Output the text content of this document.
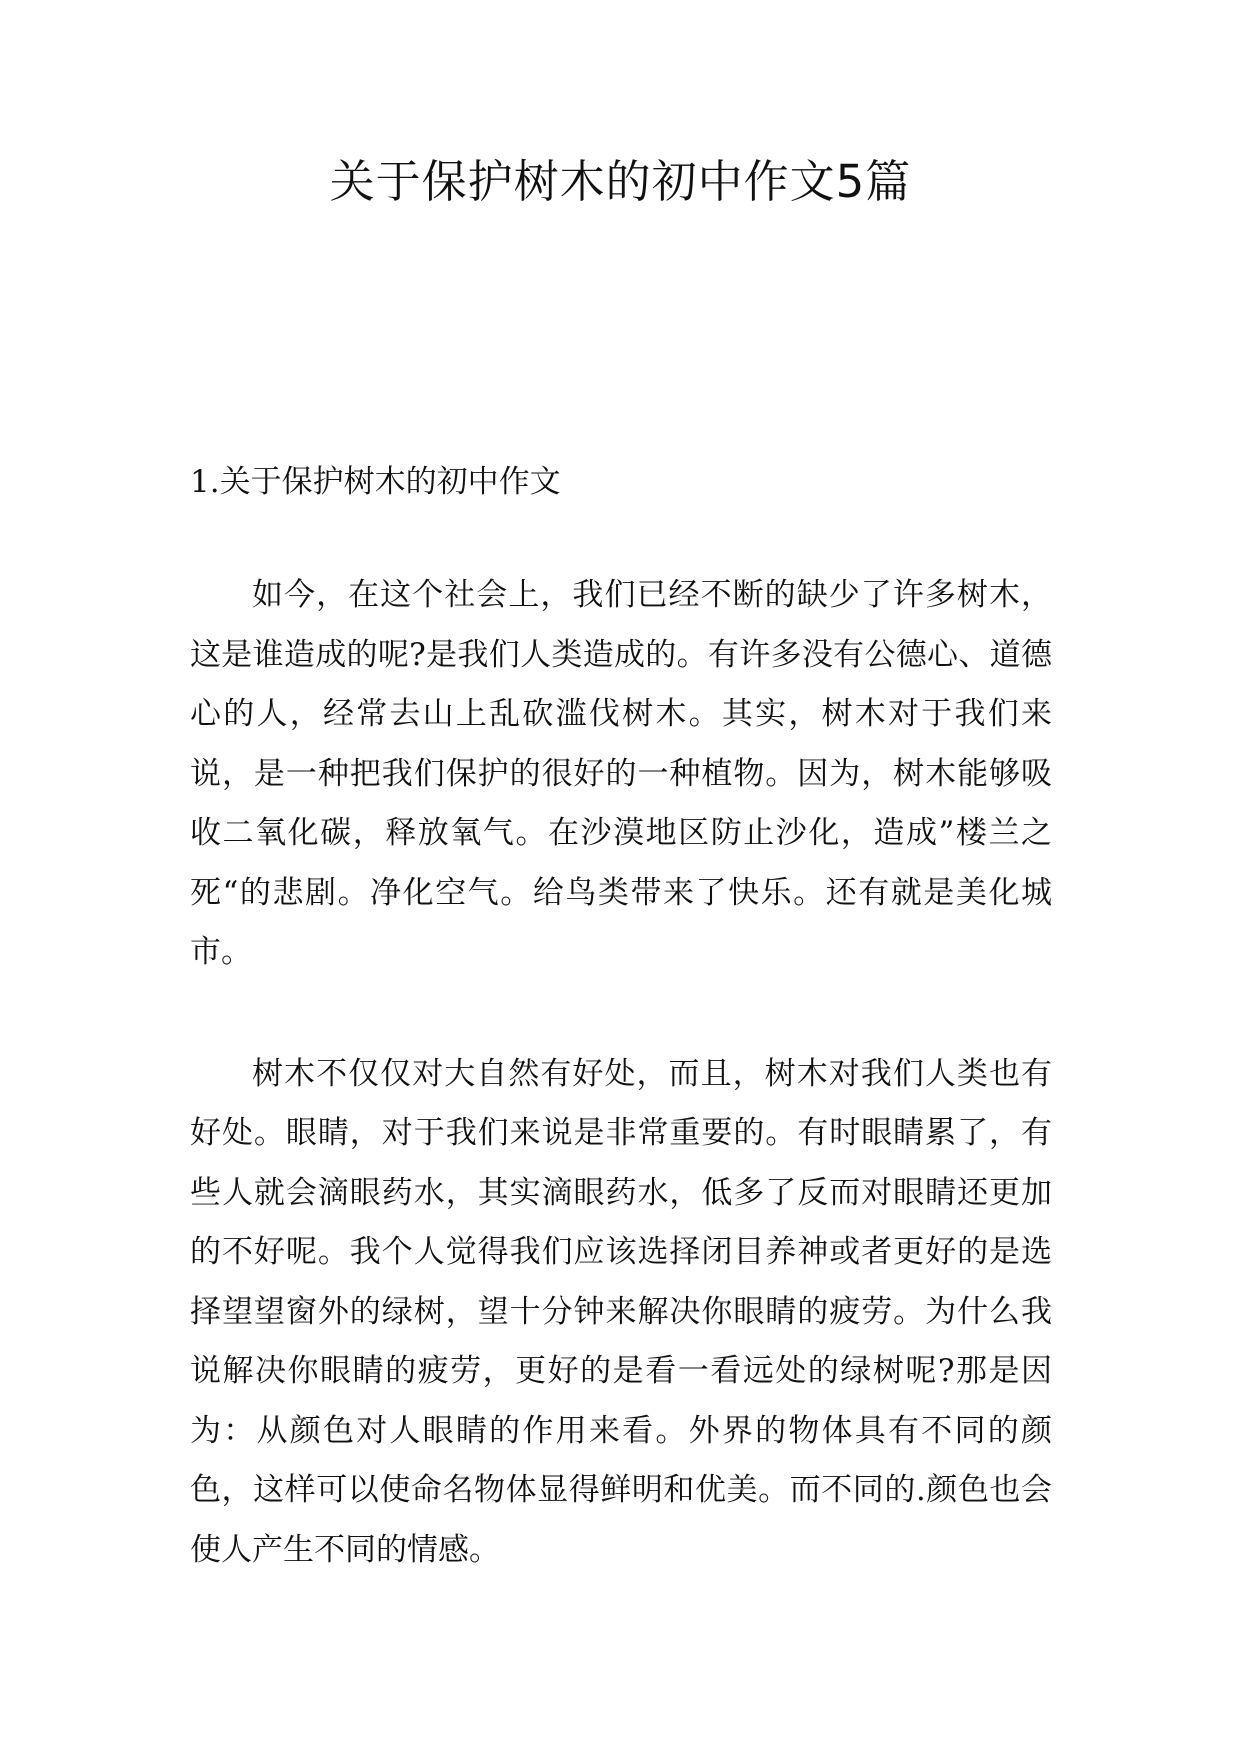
关于保护树木的初中作文5篇
1.关于保护树木的初中作文

如今，在这个社会上，我们已经不断的缺少了许多树木，这是谁造成的呢?是我们人类造成的。有许多没有公德心、道德心的人，经常去山上乱砍滥伐树木。其实，树木对于我们来说，是一种把我们保护的很好的一种植物。因为，树木能够吸收二氧化碳，释放氧气。在沙漠地区防止沙化，造成”楼兰之死“的悲剧。净化空气。给鸟类带来了快乐。还有就是美化城市。

树木不仅仅对大自然有好处，而且，树木对我们人类也有好处。眼睛，对于我们来说是非常重要的。有时眼睛累了，有些人就会滴眼药水，其实滴眼药水，低多了反而对眼睛还更加的不好呢。我个人觉得我们应该选择闭目养神或者更好的是选择望望窗外的绿树，望十分钟来解决你眼睛的疲劳。为什么我说解决你眼睛的疲劳，更好的是看一看远处的绿树呢?那是因为：从颜色对人眼睛的作用来看。外界的物体具有不同的颜色，这样可以使命名物体显得鲜明和优美。而不同的.颜色也会使人产生不同的情感。
